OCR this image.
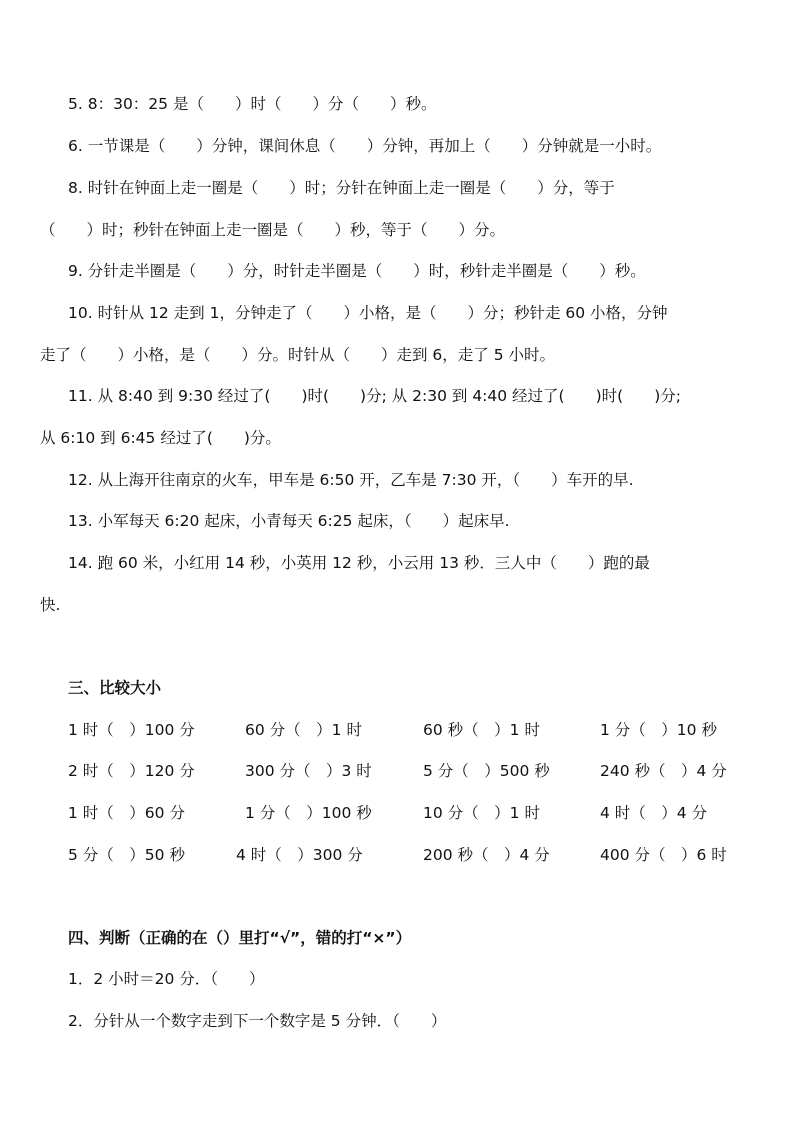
5. 8：30：25 是（　　）时（　　）分（　　）秒。
6. 一节课是（　　）分钟，课间休息（　　）分钟，再加上（　　）分钟就是一小时。
8. 时针在钟面上走一圈是（　　）时；分针在钟面上走一圈是（　　）分，等于
（　　）时；秒针在钟面上走一圈是（　　）秒，等于（　　）分。
9. 分针走半圈是（　　）分，时针走半圈是（　　）时，秒针走半圈是（　　）秒。
10. 时针从 12 走到 1，分钟走了（　　）小格，是（　　）分；秒针走 60 小格，分钟
走了（　　）小格，是（　　）分。时针从（　　）走到 6，走了 5 小时。
11. 从 8:40 到 9:30 经过了(　　)时(　　)分; 从 2:30 到 4:40 经过了(　　)时(　　)分;
从 6:10 到 6:45 经过了(　　)分。
12. 从上海开往南京的火车，甲车是 6:50 开，乙车是 7:30 开，（　　）车开的早.
13. 小军每天 6:20 起床，小青每天 6:25 起床，（　　）起床早.
14. 跑 60 米，小红用 14 秒，小英用 12 秒，小云用 13 秒．三人中（　　）跑的最
快.
三、比较大小
1 时（　）100 分	60 分（　）1 时	60 秒（　）1 时	1 分（　）10 秒
2 时（　）120 分	300 分（　）3 时	5 分（　）500 秒	240 秒（　）4 分
1 时（　）60 分	1 分（　）100 秒	10 分（　）1 时	4 时（　）4 分
5 分（　）50 秒	4 时（　）300 分	200 秒（　）4 分	400 分（　）6 时
四、判断（正确的在（）里打“√”，错的打“×”）
1．2 小时＝20 分．（　　）
2．分针从一个数字走到下一个数字是 5 分钟．（　　）
